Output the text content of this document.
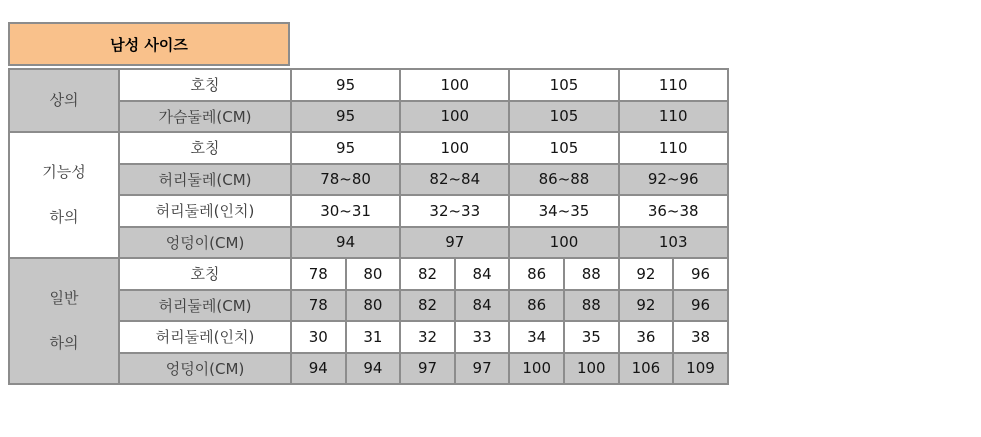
남성 사이즈
상의	호칭	95		100		105		110	
	가슴둘레(CM)	95		100		105		110	

기능성
하의	호칭	95		100		105		110	
	허리둘레(CM)	78~80		82~84		86~88		92~96	
	허리둘레(인치)	30~31		32~33		34~35		36~38	
	엉덩이(CM)	94		97		100		103	

일반
하의	호칭	78	80	82	84	86	88	92	96
	허리둘레(CM)	78	80	82	84	86	88	92	96
	허리둘레(인치)	30	31	32	33	34	35	36	38
	엉덩이(CM)	94	94	97	97	100	100	106	109
